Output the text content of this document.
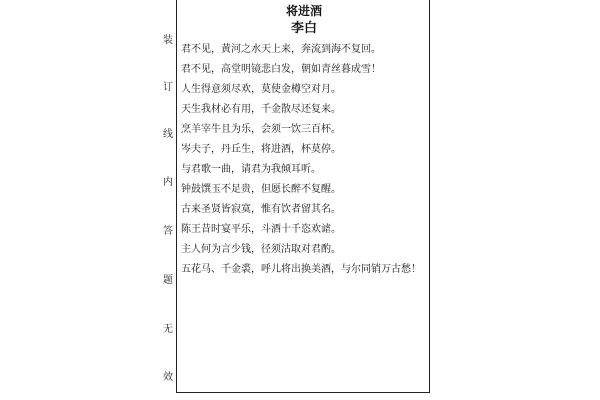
装
订
线
内
答
题
无
效
将进酒
李白
君不见，黄河之水天上来，奔流到海不复回。
君不见，高堂明镜悲白发，朝如青丝暮成雪！
人生得意须尽欢，莫使金樽空对月。
天生我材必有用，千金散尽还复来。
烹羊宰牛且为乐，会须一饮三百杯。
岑夫子，丹丘生，将进酒，杯莫停。
与君歌一曲，请君为我倾耳听。
钟鼓馔玉不足贵，但愿长醉不复醒。
古来圣贤皆寂寞，惟有饮者留其名。
陈王昔时宴平乐，斗酒十千恣欢谑。
主人何为言少钱，径须沽取对君酌。
五花马、千金裘，呼儿将出换美酒，与尔同销万古愁！
